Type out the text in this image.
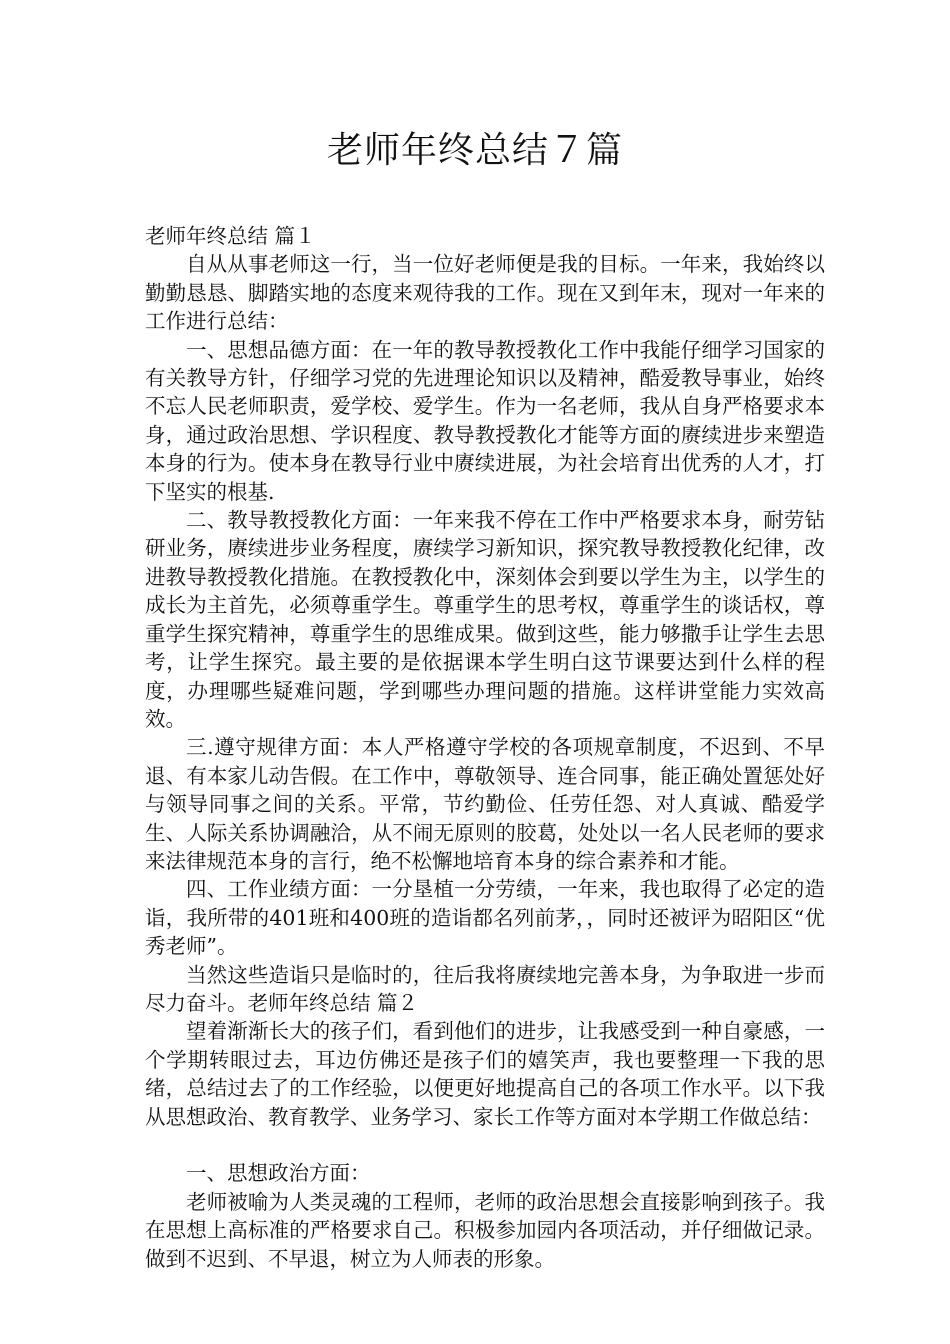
老师年终总结７篇

老师年终总结 篇１

自从从事老师这一行，当一位好老师便是我的目标。一年来，我始终以勤勤恳恳、脚踏实地的态度来观待我的工作。现在又到年末，现对一年来的工作进行总结：

一、思想品德方面：在一年的教导教授教化工作中我能仔细学习国家的有关教导方针，仔细学习党的先进理论知识以及精神，酷爱教导事业，始终不忘人民老师职责，爱学校、爱学生。作为一名老师，我从自身严格要求本身，通过政治思想、学识程度、教导教授教化才能等方面的赓续进步来塑造本身的行为。使本身在教导行业中赓续进展，为社会培育出优秀的人才，打下坚实的根基.

二、教导教授教化方面：一年来我不停在工作中严格要求本身，耐劳钻研业务，赓续进步业务程度，赓续学习新知识，探究教导教授教化纪律，改进教导教授教化措施。在教授教化中，深刻体会到要以学生为主，以学生的成长为主首先，必须尊重学生。尊重学生的思考权，尊重学生的谈话权，尊重学生探究精神，尊重学生的思维成果。做到这些，能力够撒手让学生去思考，让学生探究。最主要的是依据课本学生明白这节课要达到什么样的程度，办理哪些疑难问题，学到哪些办理问题的措施。这样讲堂能力实效高效。

三.遵守规律方面：本人严格遵守学校的各项规章制度，不迟到、不早退、有本家儿动告假。在工作中，尊敬领导、连合同事，能正确处置惩处好与领导同事之间的关系。平常，节约勤俭、任劳任怨、对人真诚、酷爱学生、人际关系协调融洽，从不闹无原则的胶葛，处处以一名人民老师的要求来法律规范本身的言行，绝不松懈地培育本身的综合素养和才能。

四、工作业绩方面：一分垦植一分劳绩，一年来，我也取得了必定的造诣，我所带的401班和400班的造诣都名列前茅，，同时还被评为昭阳区“优秀老师”。

当然这些造诣只是临时的，往后我将赓续地完善本身，为争取进一步而尽力奋斗。老师年终总结 篇２

望着渐渐长大的孩子们，看到他们的进步，让我感受到一种自豪感，一个学期转眼过去，耳边仿佛还是孩子们的嬉笑声，我也要整理一下我的思绪，总结过去了的工作经验，以便更好地提高自己的各项工作水平。以下我从思想政治、教育教学、业务学习、家长工作等方面对本学期工作做总结：

一、思想政治方面：

老师被喻为人类灵魂的工程师，老师的政治思想会直接影响到孩子。我在思想上高标准的严格要求自己。积极参加园内各项活动，并仔细做记录。做到不迟到、不早退，树立为人师表的形象。
